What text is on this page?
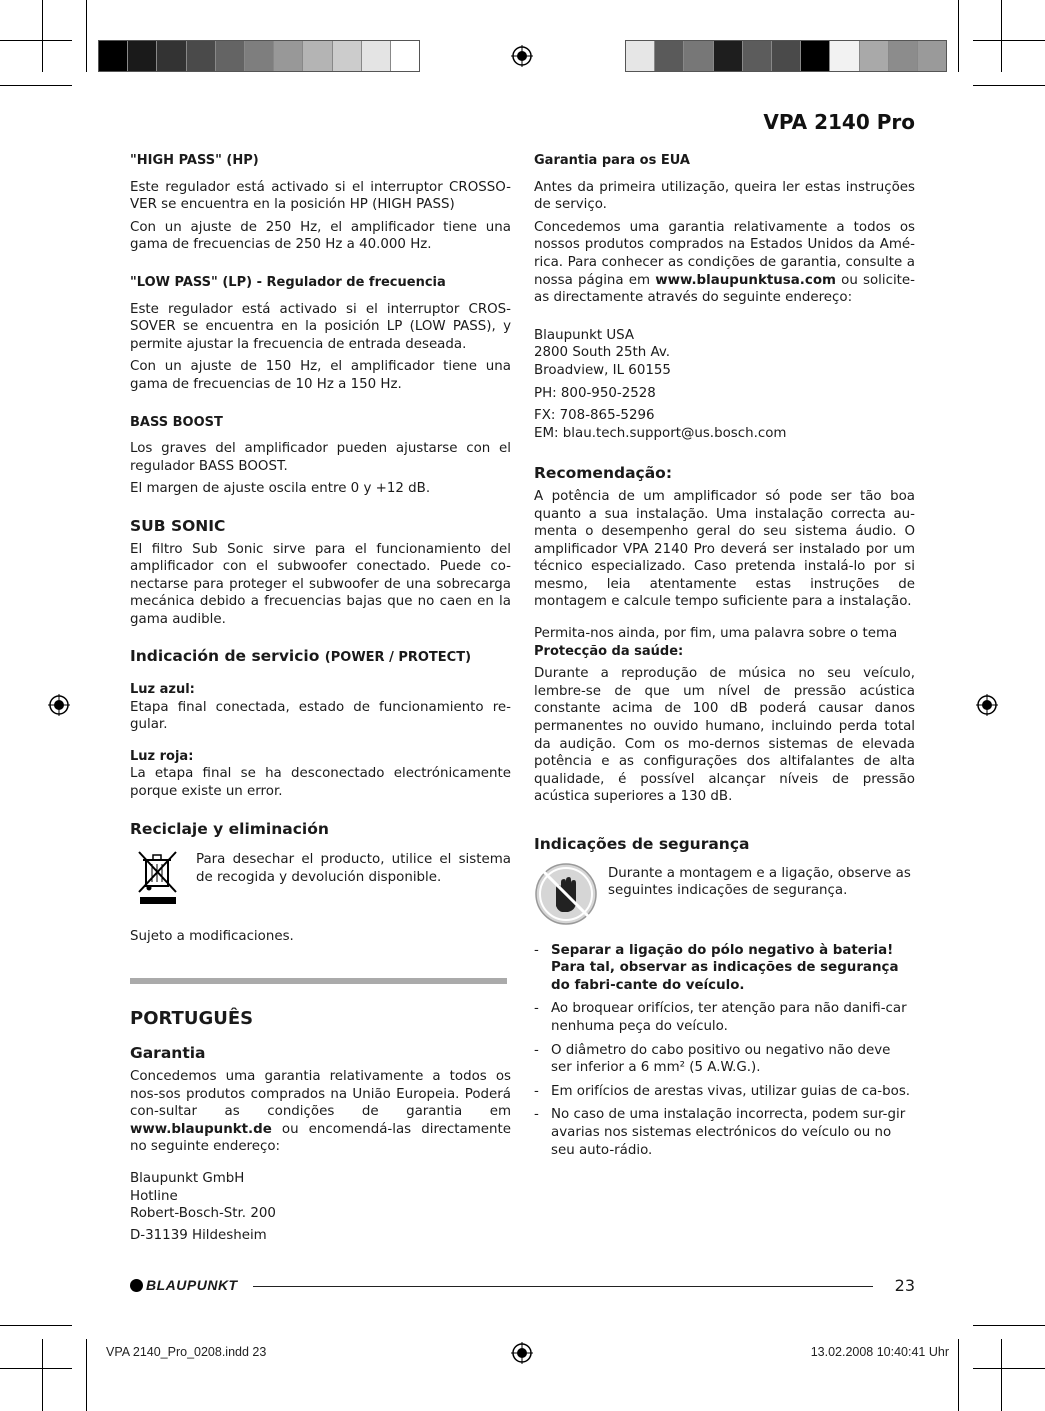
VPA 2140 Pro

"HIGH PASS" (HP)

Este regulador está activado si el interruptor CROSSO-VER se encuentra en la posición HP (HIGH PASS)

Con un ajuste de 250 Hz, el amplificador tiene una gama de frecuencias de 250 Hz a 40.000 Hz.

"LOW PASS" (LP) - Regulador de frecuencia

Este regulador está activado si el interruptor CROS-SOVER se encuentra en la posición LP (LOW PASS), y permite ajustar la frecuencia de entrada deseada.

Con un ajuste de 150 Hz, el amplificador tiene una gama de frecuencias de 10 Hz a 150 Hz.

BASS BOOST

Los graves del amplificador pueden ajustarse con el regulador BASS BOOST.

El margen de ajuste oscila entre 0 y +12 dB.

SUB SONIC

El filtro Sub Sonic sirve para el funcionamiento del amplificador con el subwoofer conectado. Puede co-nectarse para proteger el subwoofer de una sobrecarga mecánica debido a frecuencias bajas que no caen en la gama audible.

Indicación de servicio (POWER / PROTECT)

Luz azul:

Etapa final conectada, estado de funcionamiento re-gular.

Luz roja:

La etapa final se ha desconectado electrónicamente porque existe un error.

Reciclaje y eliminación

Para desechar el producto, utilice el sistema de recogida y devolución disponible.

Sujeto a modificaciones.

PORTUGUÊS

Garantia

Concedemos uma garantia relativamente a todos os nos-sos produtos comprados na União Europeia. Poderá con-sultar as condições de garantia em www.blaupunkt.de ou encomendá-las directamente no seguinte endereço:

Blaupunkt GmbH

Hotline

Robert-Bosch-Str. 200

D-31139 Hildesheim

Garantia para os EUA

Antes da primeira utilização, queira ler estas instruções de serviço.

Concedemos uma garantia relativamente a todos os nossos produtos comprados na Estados Unidos da Amé-rica. Para conhecer as condições de garantia, consulte a nossa página em www.blaupunktusa.com ou solicite-as directamente através do seguinte endereço:

Blaupunkt USA

2800 South 25th Av.

Broadview, IL 60155

PH: 800-950-2528

FX: 708-865-5296

EM: blau.tech.support@us.bosch.com

Recomendação:

A potência de um amplificador só pode ser tão boa quanto a sua instalação. Uma instalação correcta au-menta o desempenho geral do seu sistema áudio. O amplificador VPA 2140 Pro deverá ser instalado por um técnico especializado. Caso pretenda instalá-lo por si mesmo, leia atentamente estas instruções de montagem e calcule tempo suficiente para a instalação.

Permita-nos ainda, por fim, uma palavra sobre o tema

Protecção da saúde:

Durante a reprodução de música no seu veículo, lembre-se de que um nível de pressão acústica constante acima de 100 dB poderá causar danos permanentes no ouvido humano, incluindo perda total da audição. Com os mo-dernos sistemas de elevada potência e as configurações dos altifalantes de alta qualidade, é possível alcançar níveis de pressão acústica superiores a 130 dB.

Indicações de segurança

Durante a montagem e a ligação, observe as seguintes indicações de segurança.

- Separar a ligação do pólo negativo à bateria! Para tal, observar as indicações de segurança do fabri-cante do veículo.
- Ao broquear orifícios, ter atenção para não danifi-car nenhuma peça do veículo.
- O diâmetro do cabo positivo ou negativo não deve ser inferior a 6 mm² (5 A.W.G.).
- Em orifícios de arestas vivas, utilizar guias de ca-bos.
- No caso de uma instalação incorrecta, podem sur-gir avarias nos sistemas electrónicos do veículo ou no seu auto-rádio.
BLAUPUNKT	23
VPA 2140_Pro_0208.indd 23	13.02.2008 10:40:41 Uhr
